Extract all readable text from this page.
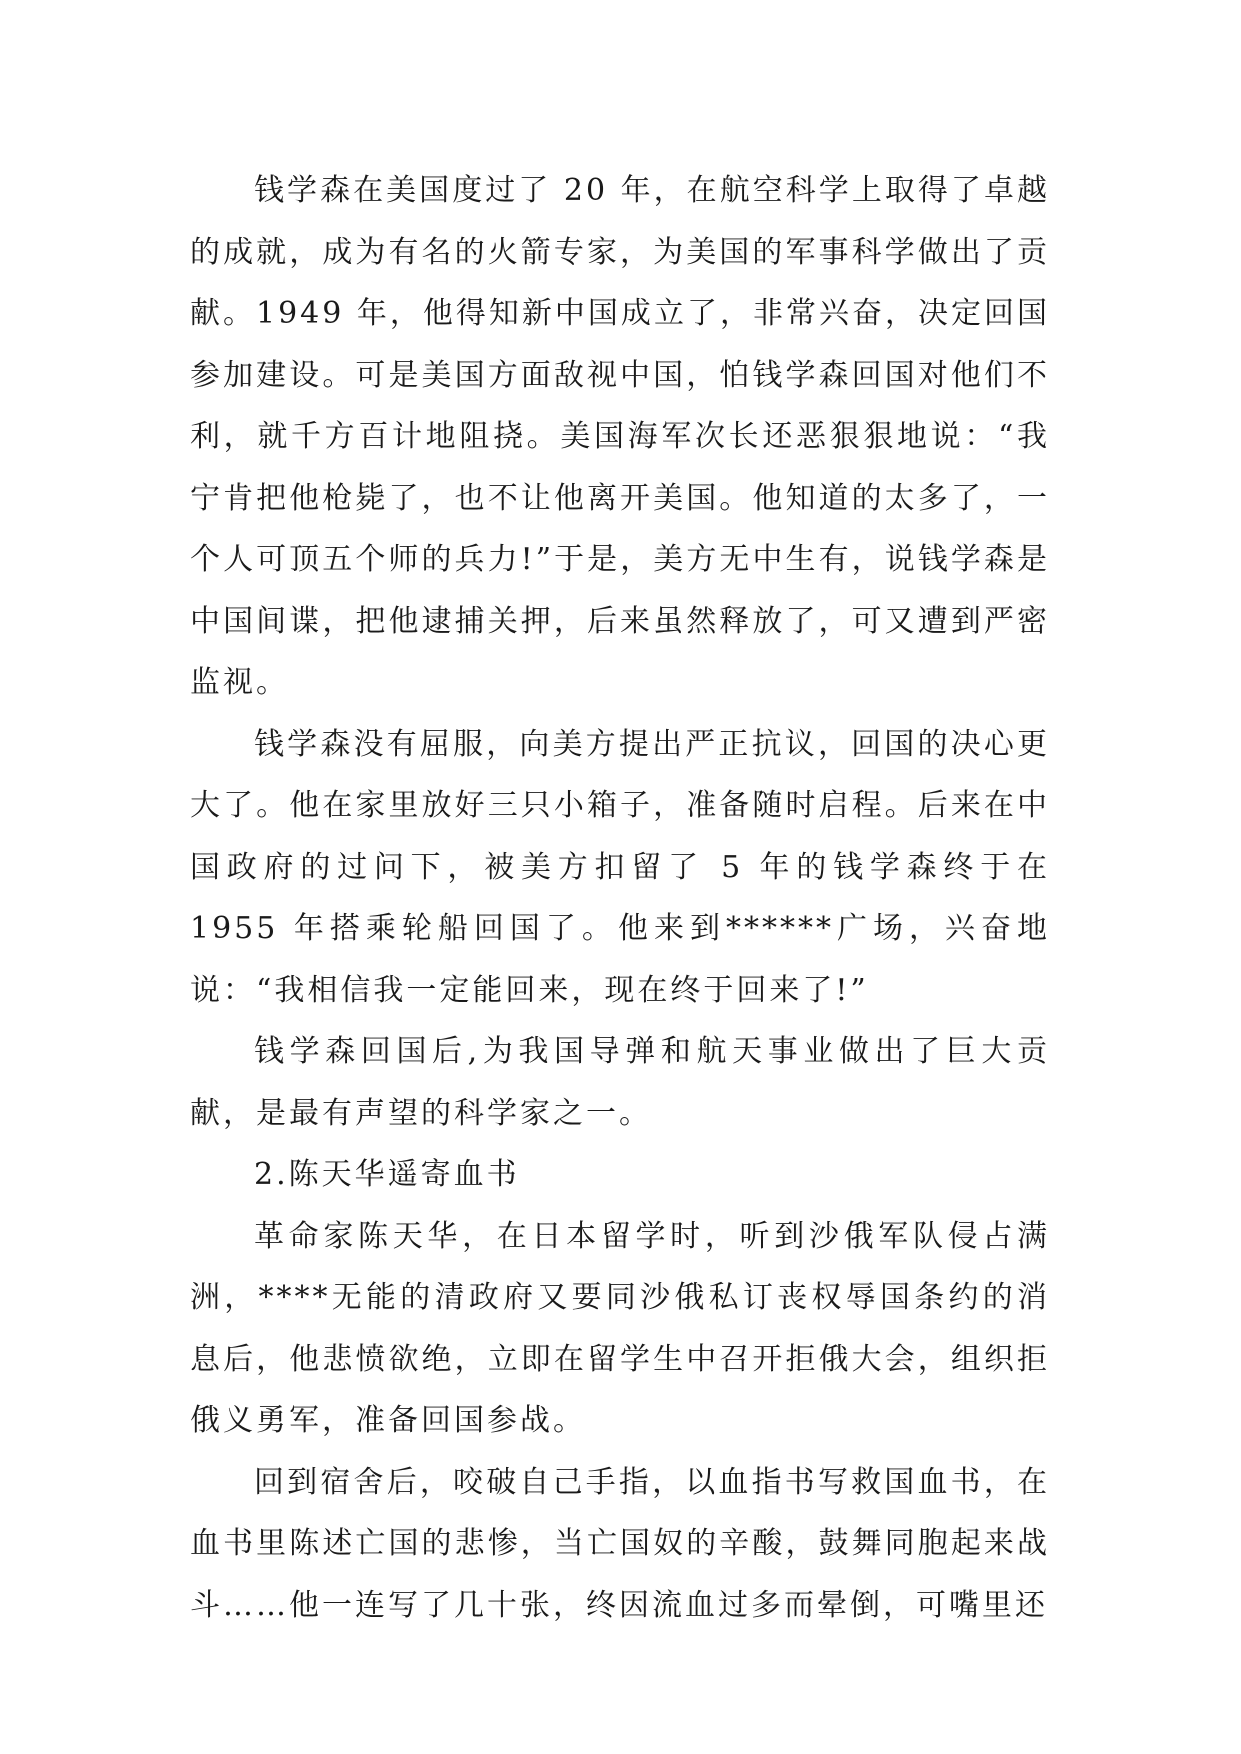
钱学森在美国度过了 20 年，在航空科学上取得了卓越的成就，成为有名的火箭专家，为美国的军事科学做出了贡献。1949 年，他得知新中国成立了，非常兴奋，决定回国参加建设。可是美国方面敌视中国，怕钱学森回国对他们不利，就千方百计地阻挠。美国海军次长还恶狠狠地说：“我宁肯把他枪毙了，也不让他离开美国。他知道的太多了，一个人可顶五个师的兵力!”于是，美方无中生有，说钱学森是中国间谍，把他逮捕关押，后来虽然释放了，可又遭到严密监视。

钱学森没有屈服，向美方提出严正抗议，回国的决心更大了。他在家里放好三只小箱子，准备随时启程。后来在中国政府的过问下，被美方扣留了 5 年的钱学森终于在 1955 年搭乘轮船回国了。他来到******广场，兴奋地说：“我相信我一定能回来，现在终于回来了!”

钱学森回国后,为我国导弹和航天事业做出了巨大贡献，是最有声望的科学家之一。

2.陈天华遥寄血书

革命家陈天华，在日本留学时，听到沙俄军队侵占满洲，****无能的清政府又要同沙俄私订丧权辱国条约的消息后，他悲愤欲绝，立即在留学生中召开拒俄大会，组织拒俄义勇军，准备回国参战。

回到宿舍后，咬破自己手指，以血指书写救国血书，在血书里陈述亡国的悲惨，当亡国奴的辛酸，鼓舞同胞起来战斗……他一连写了几十张，终因流血过多而晕倒，可嘴里还
